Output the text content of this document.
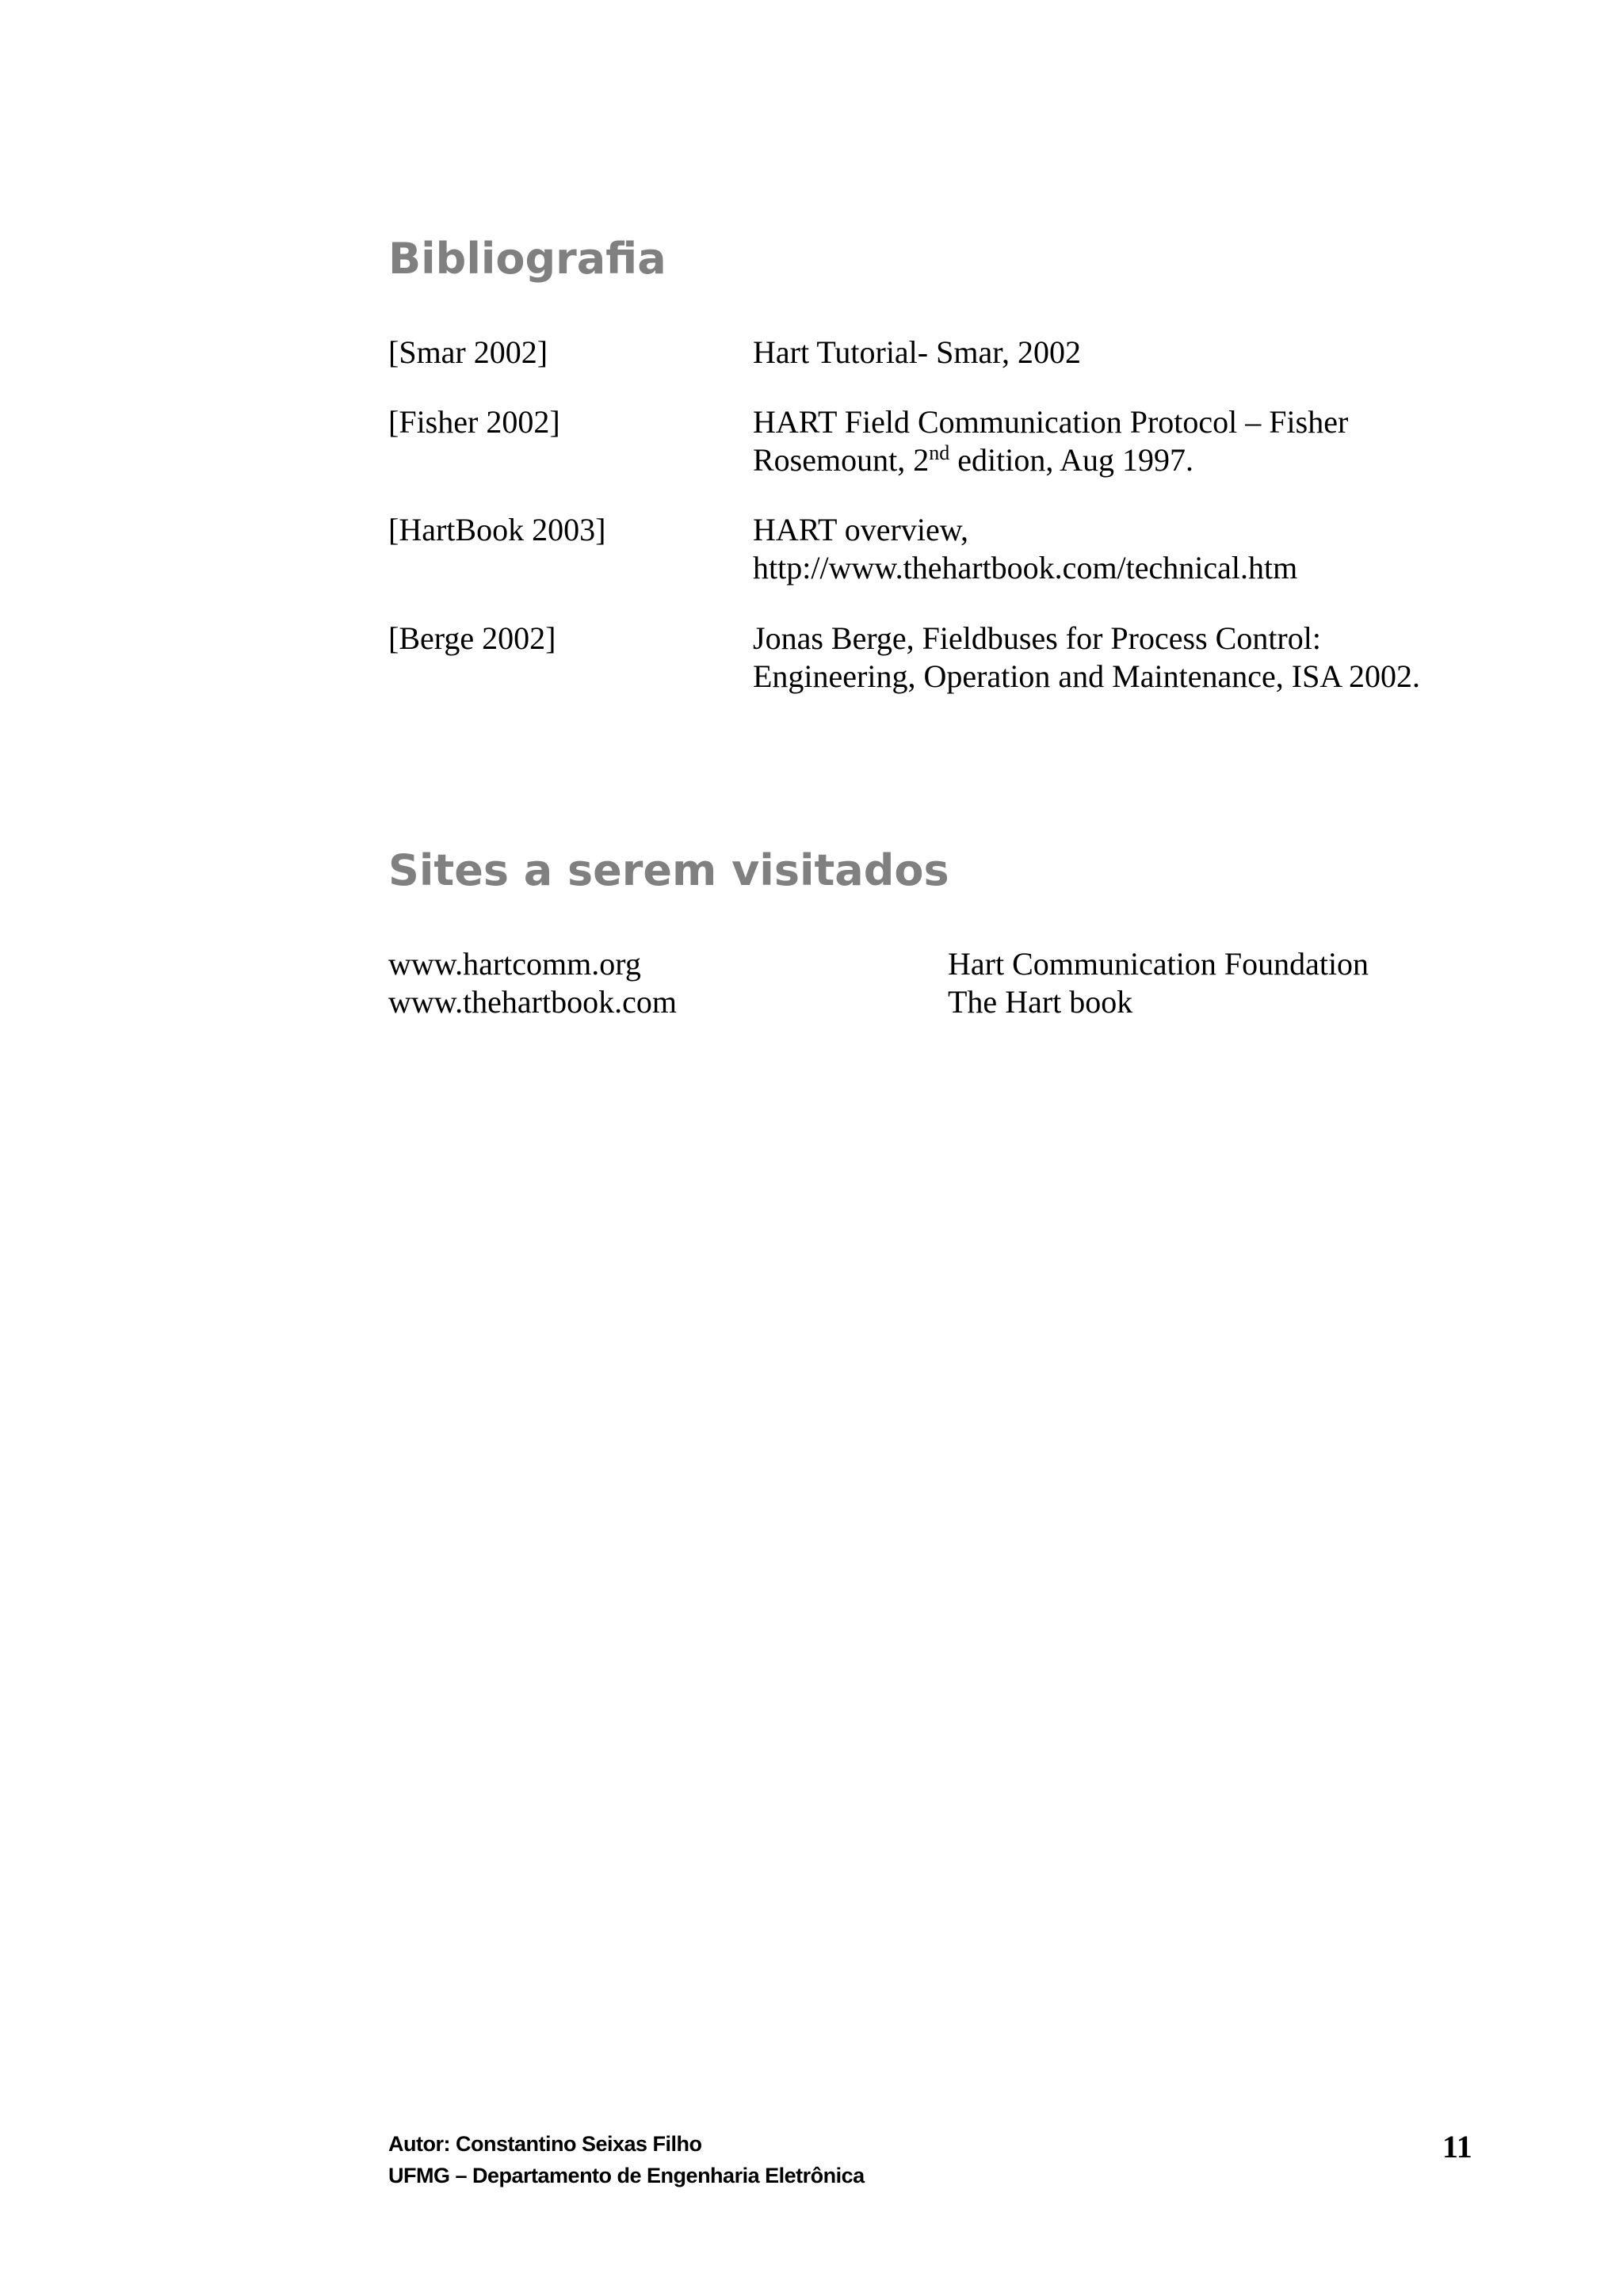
Bibliografia
[Smar 2002]	Hart Tutorial- Smar, 2002
[Fisher 2002]	HART Field Communication Protocol – Fisher
Rosemount, 2nd edition, Aug 1997.
[HartBook 2003]	HART overview,
http://www.thehartbook.com/technical.htm
[Berge 2002]	Jonas Berge, Fieldbuses for Process Control:
Engineering, Operation and Maintenance, ISA 2002.
Sites a serem visitados
www.hartcomm.org	Hart Communication Foundation
www.thehartbook.com	The Hart book
Autor: Constantino Seixas Filho
UFMG – Departamento de Engenharia Eletrônica
11
